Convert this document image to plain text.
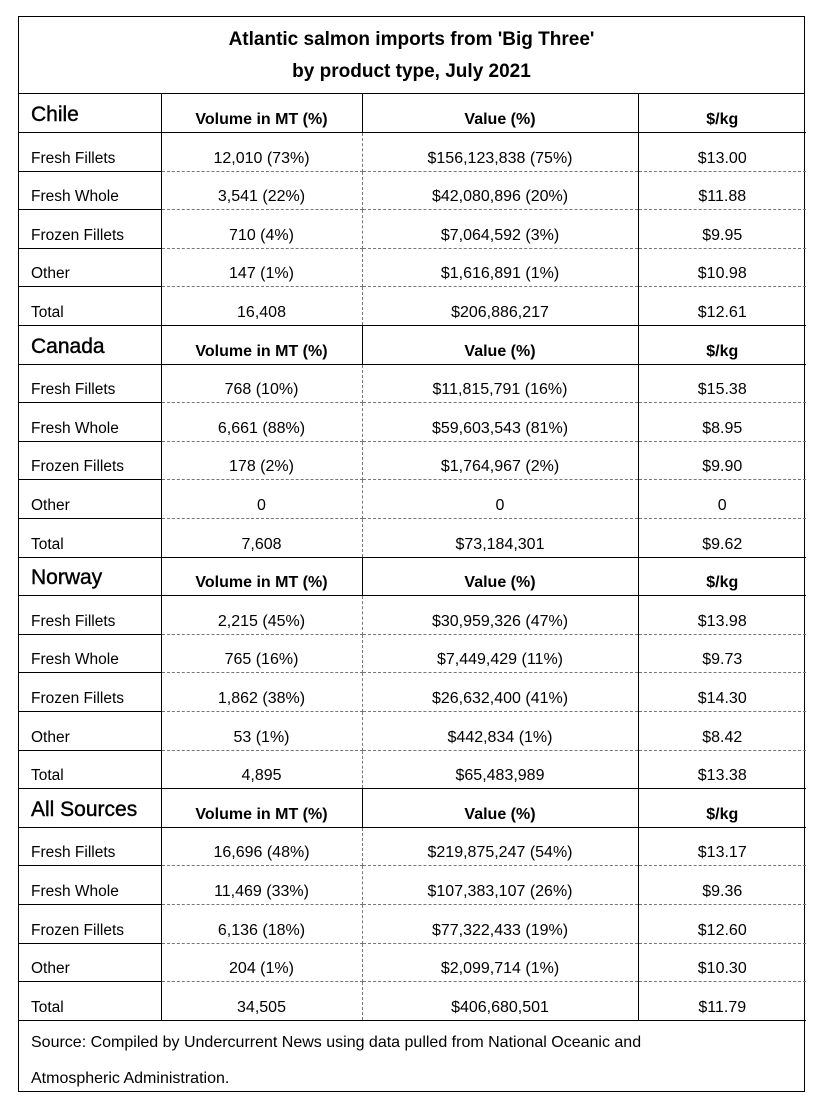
Atlantic salmon imports from 'Big Three'
by product type, July 2021
Chile	Volume in MT (%)	Value (%)	$/kg
Fresh Fillets	12,010 (73%)	$156,123,838 (75%)	$13.00
Fresh Whole	3,541 (22%)	$42,080,896 (20%)	$11.88
Frozen Fillets	710 (4%)	$7,064,592 (3%)	$9.95
Other	147 (1%)	$1,616,891 (1%)	$10.98
Total	16,408	$206,886,217	$12.61
Canada	Volume in MT (%)	Value (%)	$/kg
Fresh Fillets	768 (10%)	$11,815,791 (16%)	$15.38
Fresh Whole	6,661 (88%)	$59,603,543 (81%)	$8.95
Frozen Fillets	178 (2%)	$1,764,967 (2%)	$9.90
Other	0	0	0
Total	7,608	$73,184,301	$9.62
Norway	Volume in MT (%)	Value (%)	$/kg
Fresh Fillets	2,215 (45%)	$30,959,326 (47%)	$13.98
Fresh Whole	765 (16%)	$7,449,429 (11%)	$9.73
Frozen Fillets	1,862 (38%)	$26,632,400 (41%)	$14.30
Other	53 (1%)	$442,834 (1%)	$8.42
Total	4,895	$65,483,989	$13.38
All Sources	Volume in MT (%)	Value (%)	$/kg
Fresh Fillets	16,696 (48%)	$219,875,247 (54%)	$13.17
Fresh Whole	11,469 (33%)	$107,383,107 (26%)	$9.36
Frozen Fillets	6,136 (18%)	$77,322,433 (19%)	$12.60
Other	204 (1%)	$2,099,714 (1%)	$10.30
Total	34,505	$406,680,501	$11.79
Source: Compiled by Undercurrent News using data pulled from National Oceanic and
Atmospheric Administration.
